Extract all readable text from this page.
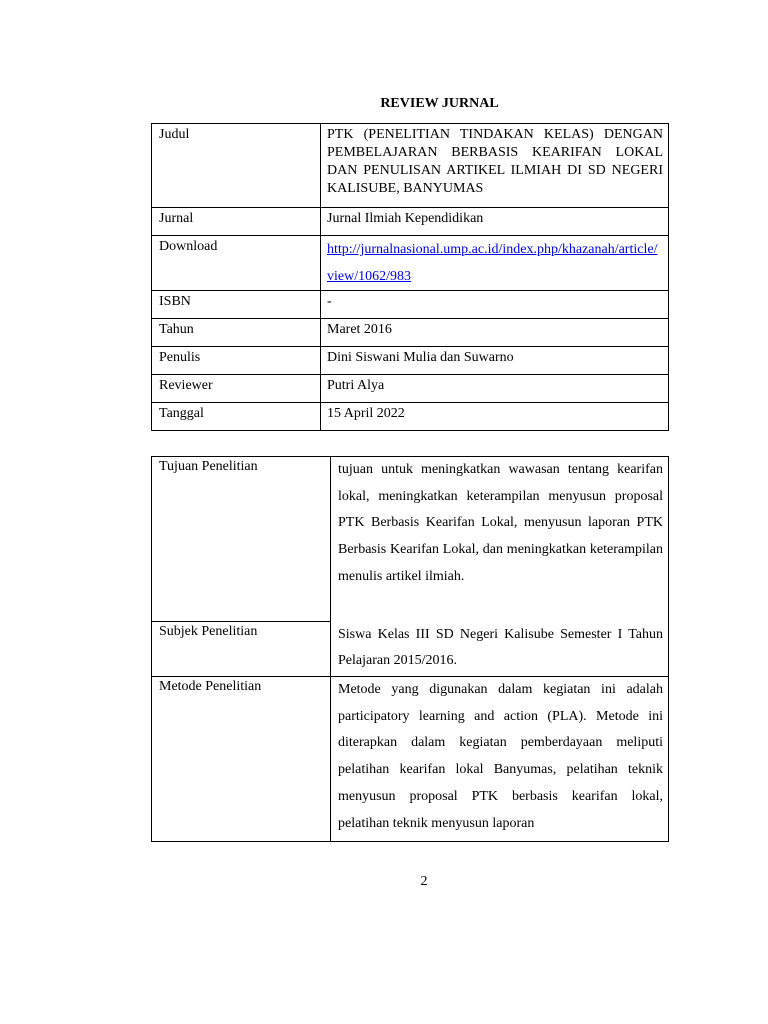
REVIEW JURNAL
Judul	PTK (PENELITIAN TINDAKAN KELAS) DENGAN PEMBELAJARAN BERBASIS KEARIFAN LOKAL DAN PENULISAN ARTIKEL ILMIAH DI SD NEGERI KALISUBE, BANYUMAS
Jurnal	Jurnal Ilmiah Kependidikan
Download	http://jurnalnasional.ump.ac.id/index.php/khazanah/article/view/1062/983
ISBN	-
Tahun	Maret 2016
Penulis	Dini Siswani Mulia dan Suwarno
Reviewer	Putri Alya
Tanggal	15 April 2022
Tujuan Penelitian	tujuan untuk meningkatkan wawasan tentang kearifan lokal, meningkatkan keterampilan menyusun proposal PTK Berbasis Kearifan Lokal, menyusun laporan PTK Berbasis Kearifan Lokal, dan meningkatkan keterampilan menulis artikel ilmiah.
Subjek Penelitian	Siswa Kelas III SD Negeri Kalisube Semester I Tahun Pelajaran 2015/2016.
Metode Penelitian	Metode yang digunakan dalam kegiatan ini adalah participatory learning and action (PLA). Metode ini diterapkan dalam kegiatan pemberdayaan meliputi pelatihan kearifan lokal Banyumas, pelatihan teknik menyusun proposal PTK berbasis kearifan lokal, pelatihan teknik menyusun laporan
2
